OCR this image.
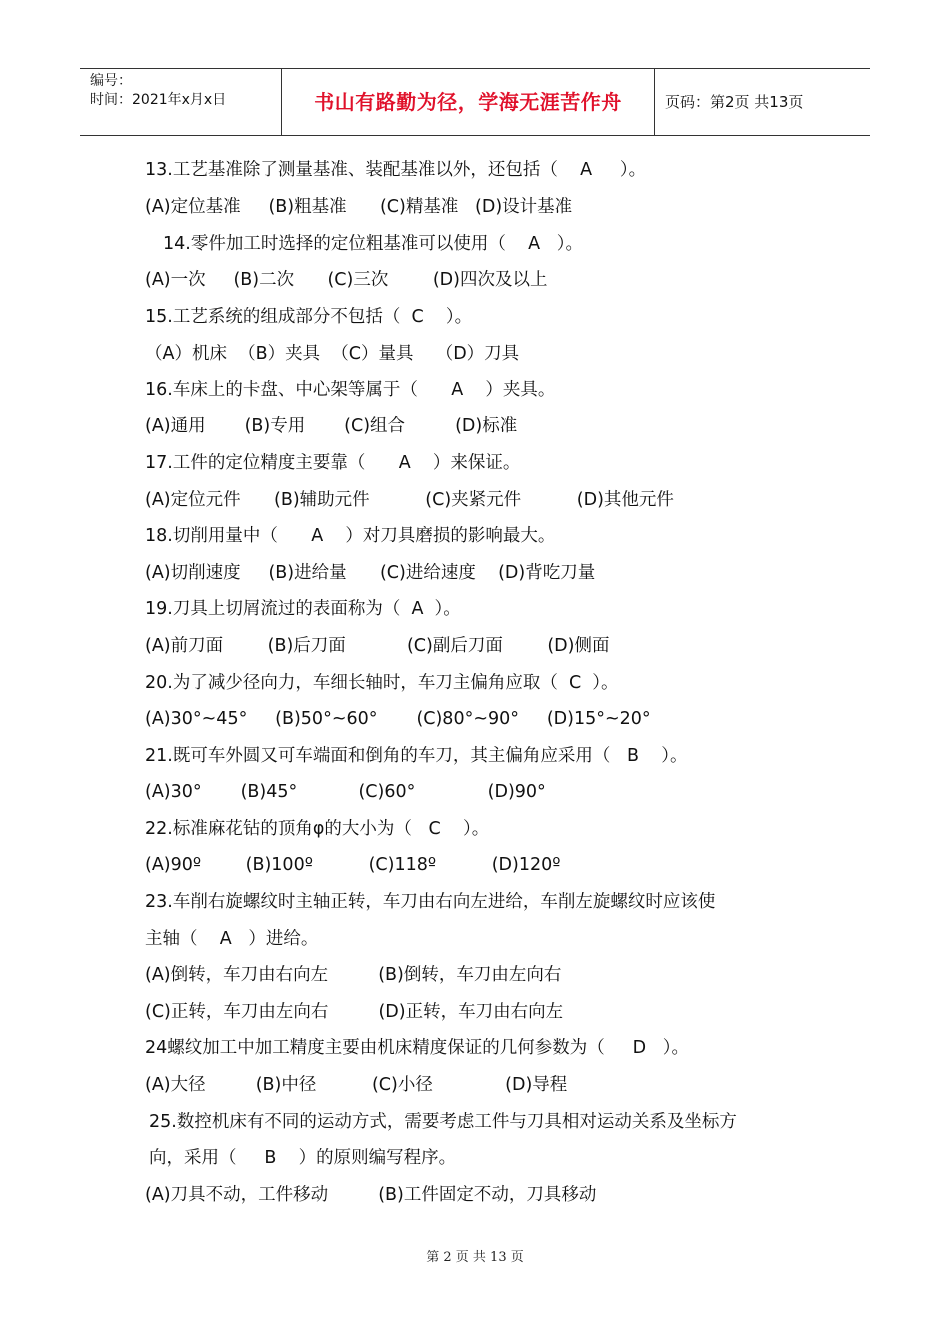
编号：
时间：2021年x月x日	书山有路勤为径，学海无涯苦作舟	页码：第2页 共13页
13.工艺基准除了测量基准、装配基准以外，还包括（    A     ）。
(A)定位基准     (B)粗基准      (C)精基准   (D)设计基准
14.零件加工时选择的定位粗基准可以使用（    A   ）。
(A)一次     (B)二次      (C)三次        (D)四次及以上
15.工艺系统的组成部分不包括（  C    ）。
（A）机床  （B）夹具  （C）量具    （D）刀具
16.车床上的卡盘、中心架等属于（      A    ）夹具。
(A)通用       (B)专用       (C)组合         (D)标准
17.工件的定位精度主要靠（      A    ）来保证。
(A)定位元件      (B)辅助元件          (C)夹紧元件          (D)其他元件
18.切削用量中（      A    ）对刀具磨损的影响最大。
(A)切削速度     (B)进给量      (C)进给速度    (D)背吃刀量
19.刀具上切屑流过的表面称为（  A  ）。
(A)前刀面        (B)后刀面           (C)副后刀面        (D)侧面
20.为了减少径向力，车细长轴时，车刀主偏角应取（  C  ）。
(A)30°~45°     (B)50°~60°       (C)80°~90°     (D)15°~20°
21.既可车外圆又可车端面和倒角的车刀，其主偏角应采用（   B    ）。
(A)30°       (B)45°           (C)60°             (D)90°
22.标准麻花钻的顶角φ的大小为（   C    ）。
(A)90º        (B)100º          (C)118º          (D)120º
23.车削右旋螺纹时主轴正转，车刀由右向左进给，车削左旋螺纹时应该使
主轴（    A   ）进给。
(A)倒转，车刀由右向左         (B)倒转，车刀由左向右
(C)正转，车刀由左向右         (D)正转，车刀由右向左
24螺纹加工中加工精度主要由机床精度保证的几何参数为（     D   ）。
(A)大径         (B)中径          (C)小径             (D)导程
25.数控机床有不同的运动方式，需要考虑工件与刀具相对运动关系及坐标方
向，采用（     B    ）的原则编写程序。
(A)刀具不动，工件移动         (B)工件固定不动，刀具移动
第 2 页 共 13 页
